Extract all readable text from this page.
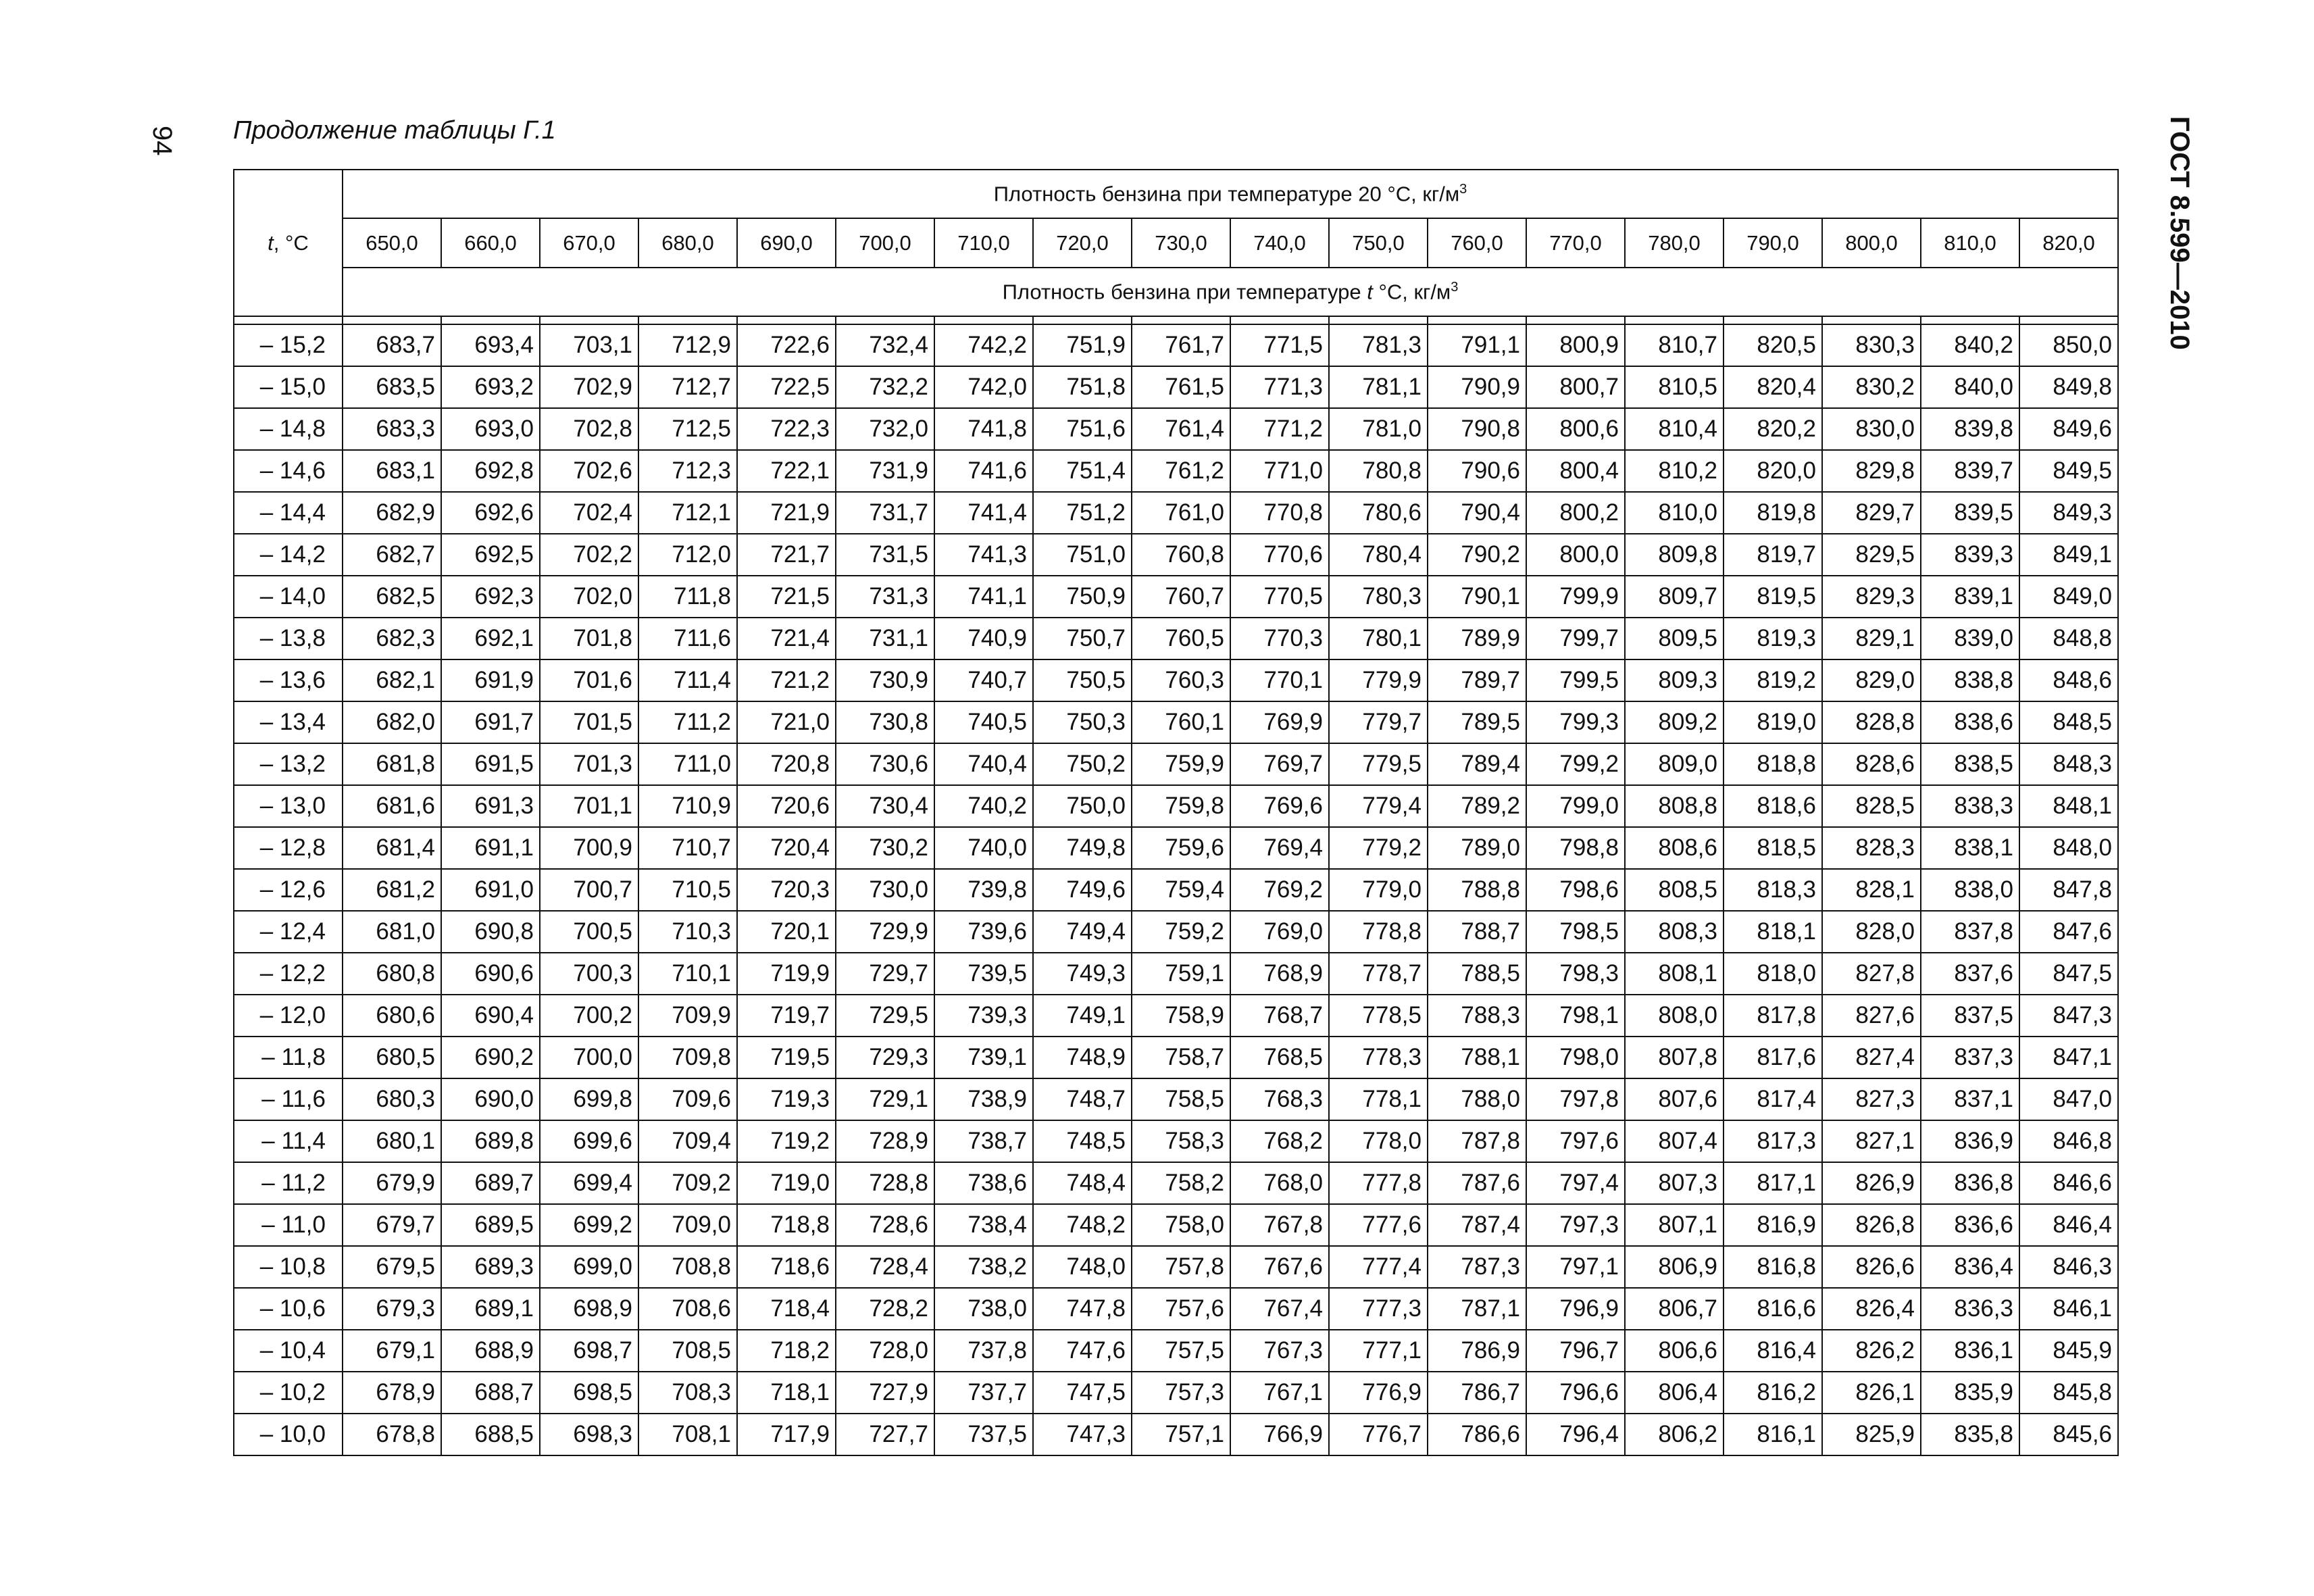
94 Продолжение таблицы Г.1	ГОСТ 8.599—2010
t, °C	Плотность бензина при температуре 20 °С, $кг/м^3$
	650,0	660,0	670,0	680,0	690,0	700,0	710,0	720,0	730,0	740,0	750,0	760,0	770,0	780,0	790,0	800,0	810,0	820,0
	Плотность бензина при температуре t °С, $кг/м^3$

– 15,2	683,7	693,4	703,1	712,9	722,6	732,4	742,2	751,9	761,7	771,5	781,3	791,1	800,9	810,7	820,5	830,3	840,2	850,0
– 15,0	683,5	693,2	702,9	712,7	722,5	732,2	742,0	751,8	761,5	771,3	781,1	790,9	800,7	810,5	820,4	830,2	840,0	849,8
– 14,8	683,3	693,0	702,8	712,5	722,3	732,0	741,8	751,6	761,4	771,2	781,0	790,8	800,6	810,4	820,2	830,0	839,8	849,6
– 14,6	683,1	692,8	702,6	712,3	722,1	731,9	741,6	751,4	761,2	771,0	780,8	790,6	800,4	810,2	820,0	829,8	839,7	849,5
– 14,4	682,9	692,6	702,4	712,1	721,9	731,7	741,4	751,2	761,0	770,8	780,6	790,4	800,2	810,0	819,8	829,7	839,5	849,3
– 14,2	682,7	692,5	702,2	712,0	721,7	731,5	741,3	751,0	760,8	770,6	780,4	790,2	800,0	809,8	819,7	829,5	839,3	849,1
– 14,0	682,5	692,3	702,0	711,8	721,5	731,3	741,1	750,9	760,7	770,5	780,3	790,1	799,9	809,7	819,5	829,3	839,1	849,0
– 13,8	682,3	692,1	701,8	711,6	721,4	731,1	740,9	750,7	760,5	770,3	780,1	789,9	799,7	809,5	819,3	829,1	839,0	848,8
– 13,6	682,1	691,9	701,6	711,4	721,2	730,9	740,7	750,5	760,3	770,1	779,9	789,7	799,5	809,3	819,2	829,0	838,8	848,6
– 13,4	682,0	691,7	701,5	711,2	721,0	730,8	740,5	750,3	760,1	769,9	779,7	789,5	799,3	809,2	819,0	828,8	838,6	848,5
– 13,2	681,8	691,5	701,3	711,0	720,8	730,6	740,4	750,2	759,9	769,7	779,5	789,4	799,2	809,0	818,8	828,6	838,5	848,3
– 13,0	681,6	691,3	701,1	710,9	720,6	730,4	740,2	750,0	759,8	769,6	779,4	789,2	799,0	808,8	818,6	828,5	838,3	848,1
– 12,8	681,4	691,1	700,9	710,7	720,4	730,2	740,0	749,8	759,6	769,4	779,2	789,0	798,8	808,6	818,5	828,3	838,1	848,0
– 12,6	681,2	691,0	700,7	710,5	720,3	730,0	739,8	749,6	759,4	769,2	779,0	788,8	798,6	808,5	818,3	828,1	838,0	847,8
– 12,4	681,0	690,8	700,5	710,3	720,1	729,9	739,6	749,4	759,2	769,0	778,8	788,7	798,5	808,3	818,1	828,0	837,8	847,6
– 12,2	680,8	690,6	700,3	710,1	719,9	729,7	739,5	749,3	759,1	768,9	778,7	788,5	798,3	808,1	818,0	827,8	837,6	847,5
– 12,0	680,6	690,4	700,2	709,9	719,7	729,5	739,3	749,1	758,9	768,7	778,5	788,3	798,1	808,0	817,8	827,6	837,5	847,3
– 11,8	680,5	690,2	700,0	709,8	719,5	729,3	739,1	748,9	758,7	768,5	778,3	788,1	798,0	807,8	817,6	827,4	837,3	847,1
– 11,6	680,3	690,0	699,8	709,6	719,3	729,1	738,9	748,7	758,5	768,3	778,1	788,0	797,8	807,6	817,4	827,3	837,1	847,0
– 11,4	680,1	689,8	699,6	709,4	719,2	728,9	738,7	748,5	758,3	768,2	778,0	787,8	797,6	807,4	817,3	827,1	836,9	846,8
– 11,2	679,9	689,7	699,4	709,2	719,0	728,8	738,6	748,4	758,2	768,0	777,8	787,6	797,4	807,3	817,1	826,9	836,8	846,6
– 11,0	679,7	689,5	699,2	709,0	718,8	728,6	738,4	748,2	758,0	767,8	777,6	787,4	797,3	807,1	816,9	826,8	836,6	846,4
– 10,8	679,5	689,3	699,0	708,8	718,6	728,4	738,2	748,0	757,8	767,6	777,4	787,3	797,1	806,9	816,8	826,6	836,4	846,3
– 10,6	679,3	689,1	698,9	708,6	718,4	728,2	738,0	747,8	757,6	767,4	777,3	787,1	796,9	806,7	816,6	826,4	836,3	846,1
– 10,4	679,1	688,9	698,7	708,5	718,2	728,0	737,8	747,6	757,5	767,3	777,1	786,9	796,7	806,6	816,4	826,2	836,1	845,9
– 10,2	678,9	688,7	698,5	708,3	718,1	727,9	737,7	747,5	757,3	767,1	776,9	786,7	796,6	806,4	816,2	826,1	835,9	845,8
– 10,0	678,8	688,5	698,3	708,1	717,9	727,7	737,5	747,3	757,1	766,9	776,7	786,6	796,4	806,2	816,1	825,9	835,8	845,6
